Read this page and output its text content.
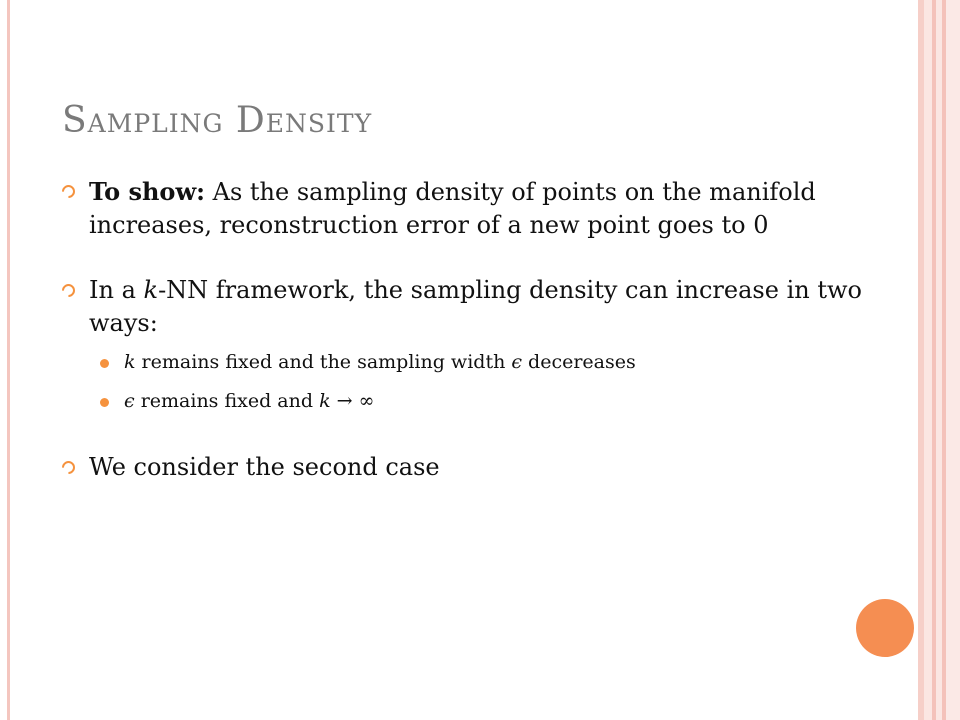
Sampling Density

To show: As the sampling density of points on the manifold increases, reconstruction error of a new point goes to 0

In a k-NN framework, the sampling density can increase in two ways:

k remains fixed and the sampling width ϵ decereases

ϵ remains fixed and k → ∞

We consider the second case
